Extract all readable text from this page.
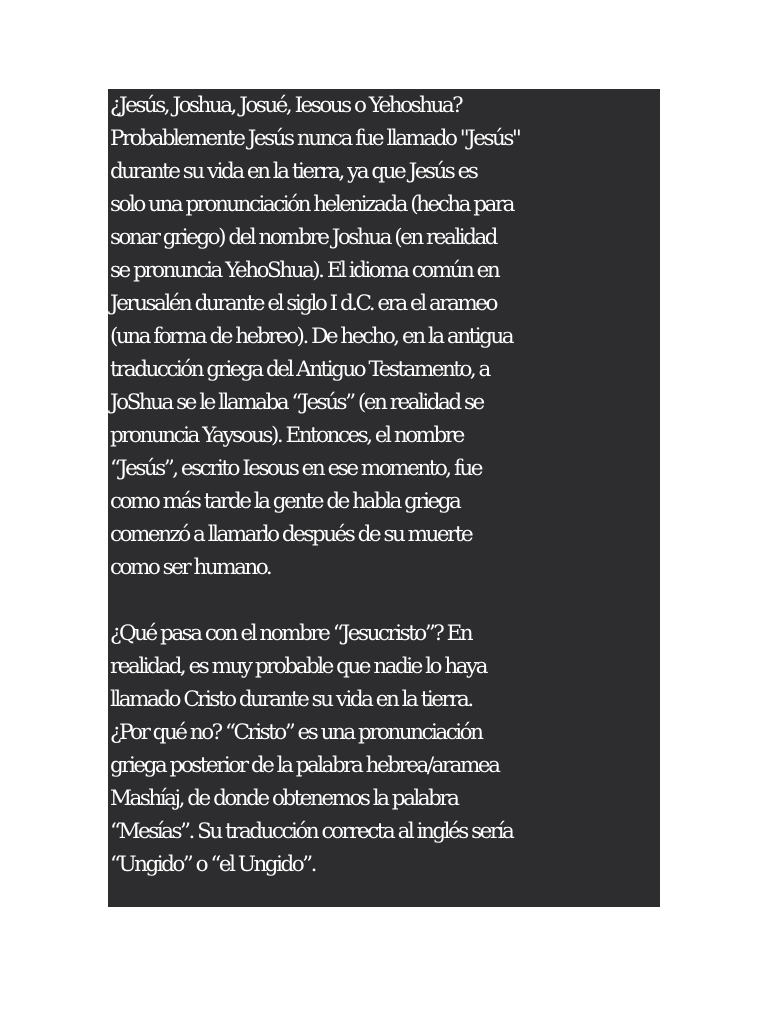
¿Jesús, Joshua, Josué, Iesous o Yehoshua?
Probablemente Jesús nunca fue llamado "Jesús"
durante su vida en la tierra, ya que Jesús es
solo una pronunciación helenizada (hecha para
sonar griego) del nombre Joshua (en realidad
se pronuncia YehoShua). El idioma común en
Jerusalén durante el siglo I d.C. era el arameo
(una forma de hebreo). De hecho, en la antigua
traducción griega del Antiguo Testamento, a
JoShua se le llamaba “Jesús” (en realidad se
pronuncia Yaysous). Entonces, el nombre
“Jesús”, escrito Iesous en ese momento, fue
como más tarde la gente de habla griega
comenzó a llamarlo después de su muerte
como ser humano.
¿Qué pasa con el nombre “Jesucristo”? En
realidad, es muy probable que nadie lo haya
llamado Cristo durante su vida en la tierra.
¿Por qué no? “Cristo” es una pronunciación
griega posterior de la palabra hebrea/aramea
Mashíaj, de donde obtenemos la palabra
“Mesías”. Su traducción correcta al inglés sería
“Ungido” o “el Ungido”.
